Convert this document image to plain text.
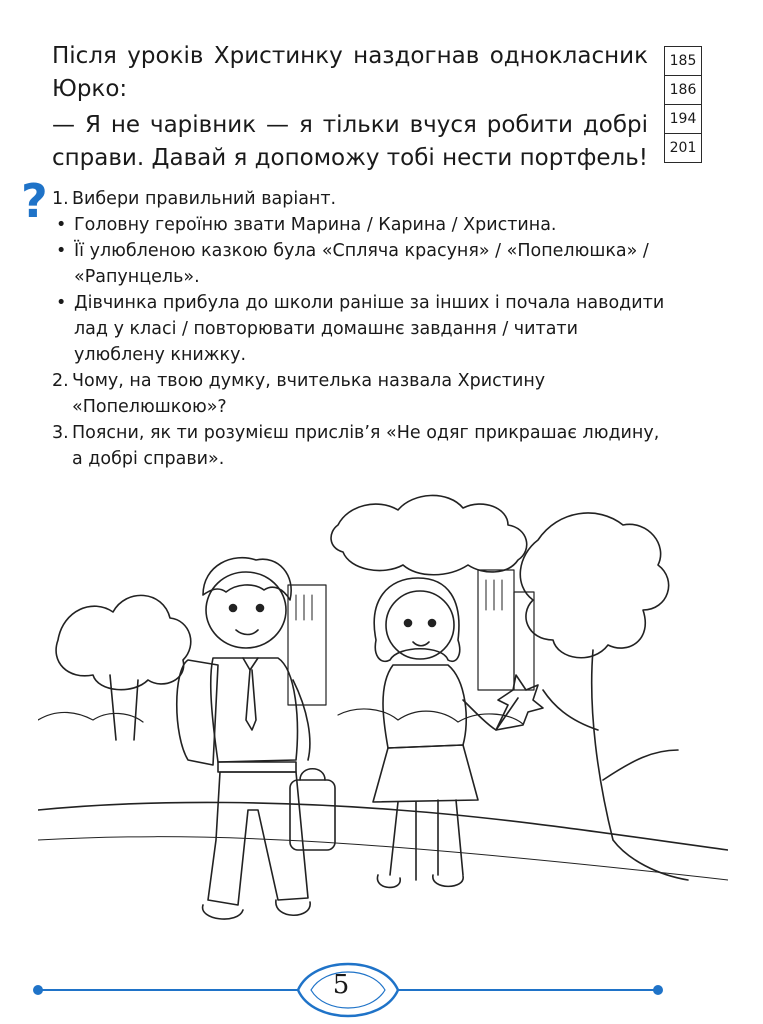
Після уроків Христинку наздогнав однокласник Юрко:

— Я не чарівник — я тільки вчуся робити добрі справи. Давай я допоможу тобі нести портфель!

185
186
194
201
? 1. Вибери правильний варіант.
• Головну героїню звати Марина / Карина / Христина.
• Її улюбленою казкою була «Спляча красуня» / «Попелюшка» / «Рапунцель».
• Дівчинка прибула до школи раніше за інших і почала наводити лад у класі / повторювати домашнє завдання / читати улюблену книжку.
2. Чому, на твою думку, вчителька назвала Христину «Попелюшкою»?
3. Поясни, як ти розумієш прислів’я «Не одяг прикрашає людину, а добрі справи».
5
